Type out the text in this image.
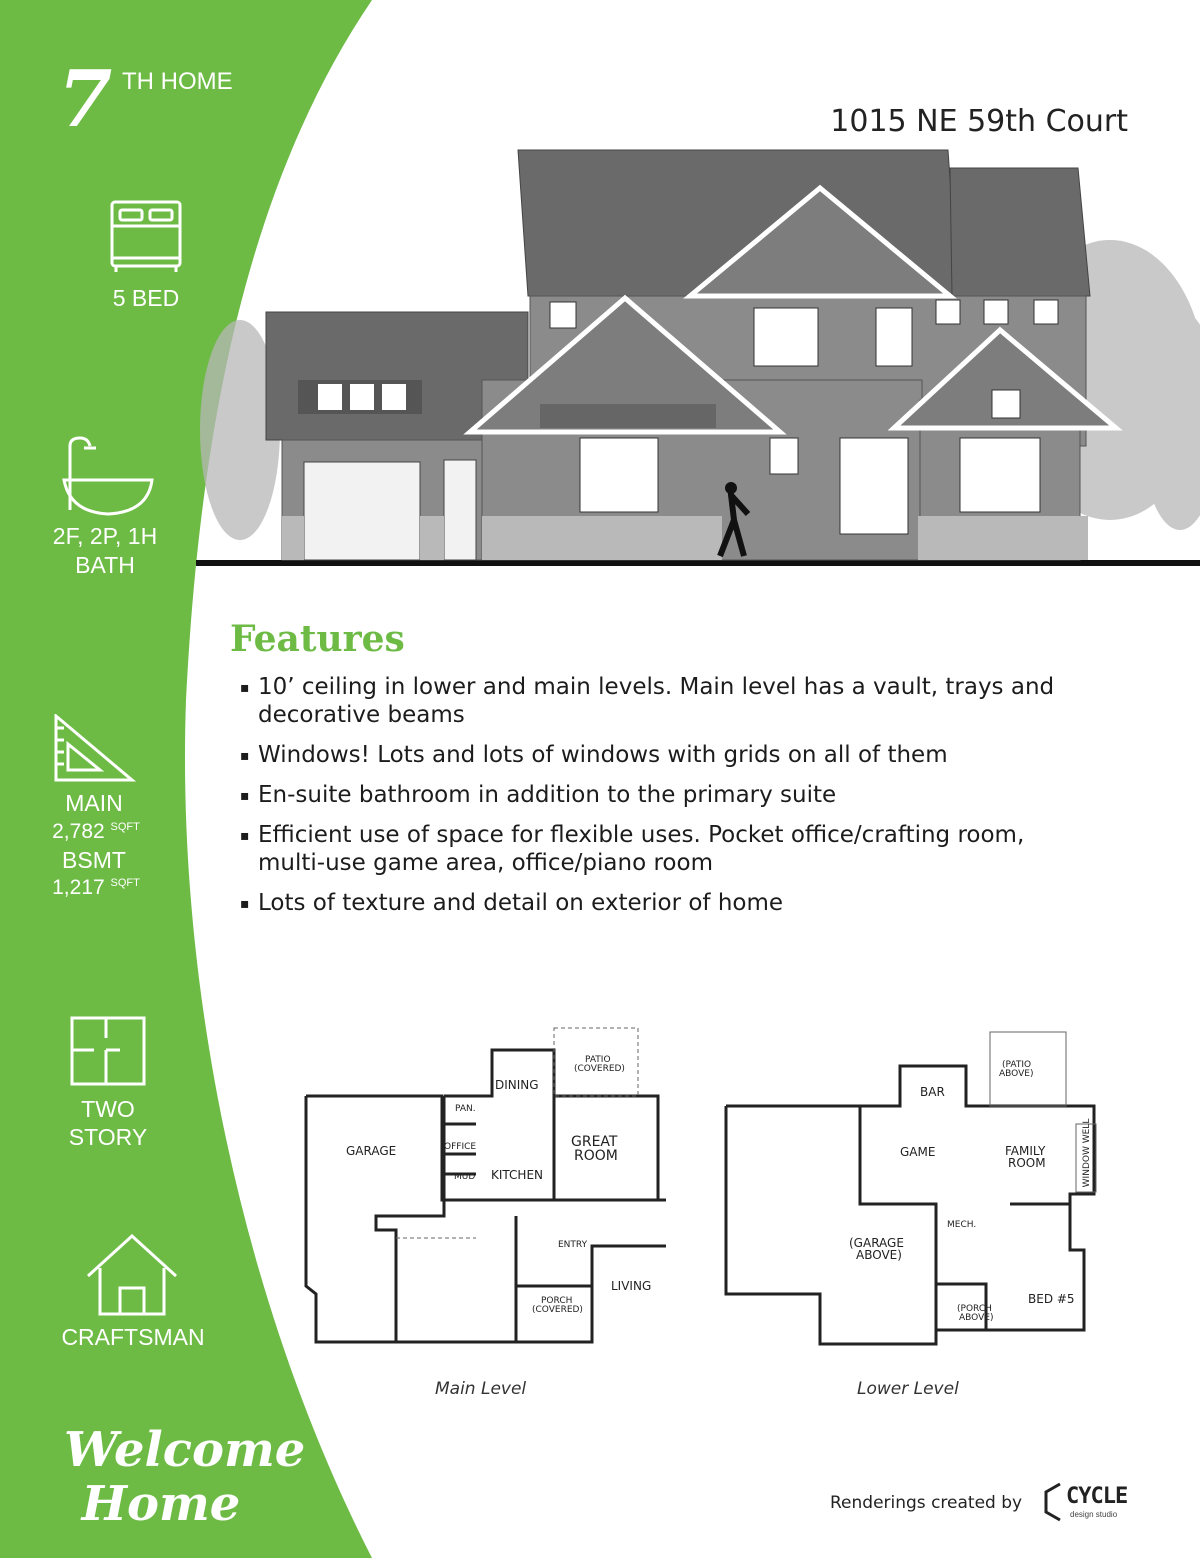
7 TH HOME
5 BED
2F, 2P, 1H
BATH
MAIN
2,782 $^{SQFT}$
BSMT
1,217 $^{SQFT}$
TWO
STORY
CRAFTSMAN
Welcome
Home
1015 NE 59th Court
Features
▪ 10’ ceiling in lower and main levels. Main level has a vault, trays and decorative beams
▪ Windows! Lots and lots of windows with grids on all of them
▪ En-suite bathroom in addition to the primary suite
▪ Efficient use of space for flexible uses. Pocket office/crafting room, multi-use game area, office/piano room
▪ Lots of texture and detail on exterior of home
PATIO
(COVERED)
DINING
PAN.
GARAGE	OFFICE	GREAT
ROOM
MUD KITCHEN
ENTRY
LIVING
PORCH
(COVERED)
Main Level
(PATIO
ABOVE)
BAR
GAME	FAMILY
ROOM	WINDOW WELL
MECH.
(GARAGE
ABOVE)
(PORCH
ABOVE)
BED #5
Lower Level
Renderings created by CYCLE
design studio
